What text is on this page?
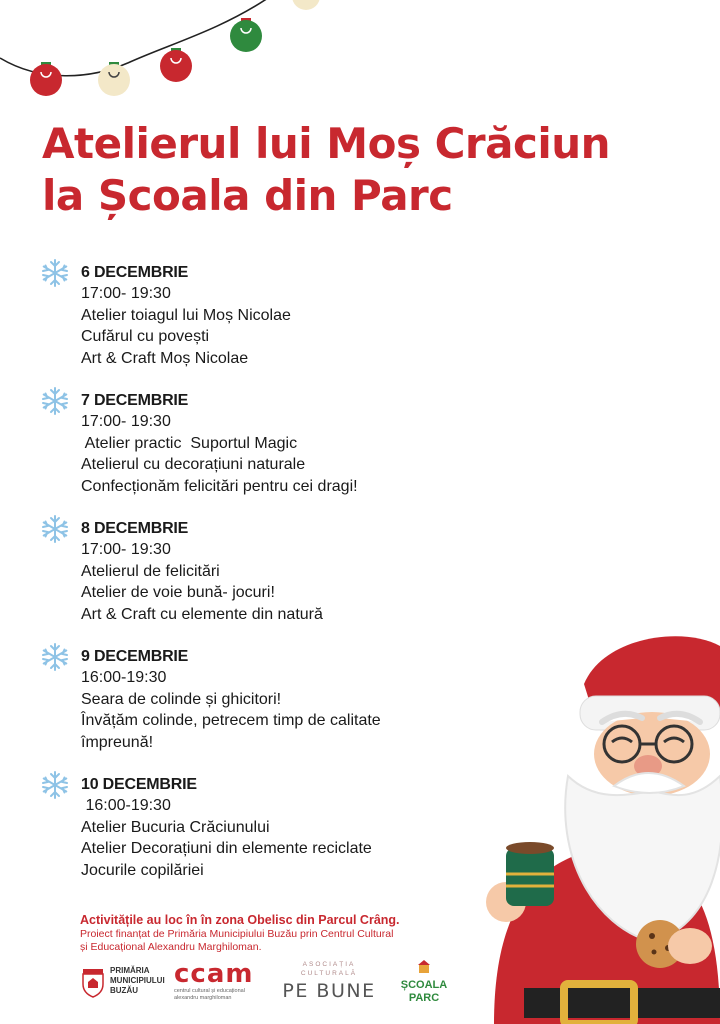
Atelierul lui Moș Crăciun
la Școala din Parc
6 DECEMBRIE
17:00- 19:30
Atelier toiagul lui Moș Nicolae
Cufărul cu povești
Art & Craft Moș Nicolae
7 DECEMBRIE
17:00- 19:30
Atelier practic  Suportul Magic
Atelierul cu decorațiuni naturale
Confecționăm felicitări pentru cei dragi!
8 DECEMBRIE
17:00- 19:30
Atelierul de felicitări
Atelier de voie bună- jocuri!
Art & Craft cu elemente din natură
9 DECEMBRIE
16:00-19:30
Seara de colinde și ghicitori!
Învățăm colinde, petrecem timp de calitate
împreună!
10 DECEMBRIE
16:00-19:30
Atelier Bucuria Crăciunului
Atelier Decorațiuni din elemente reciclate
Jocurile copilăriei
Activitățile au loc în în zona Obelisc din Parcul Crâng.
Proiect finanțat de Primăria Municipiului Buzău prin Centrul Cultural
și Educațional Alexandru Marghiloman.
PRIMĂRIA
MUNICIPIULUI
BUZĂU
ccam
centrul cultural și educațional
alexandru marghiloman
ASOCIAȚIA CULTURALĂ
PE BUNE	ȘCOALA
PARC
